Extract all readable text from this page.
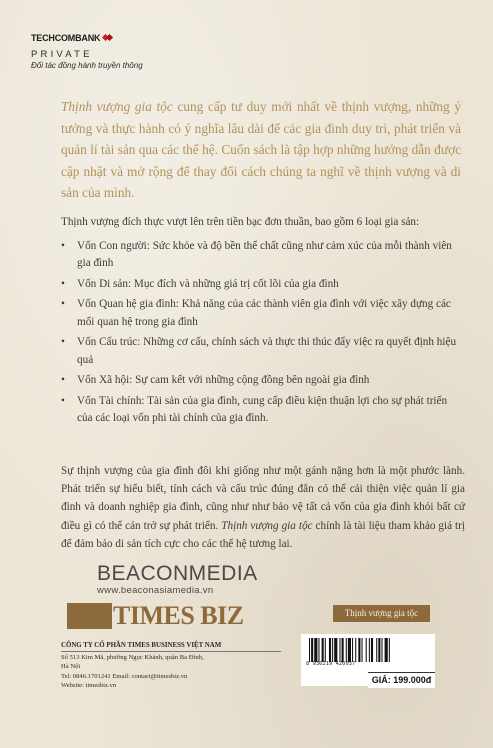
TECHCOMBANK
PRIVATE
Đối tác đồng hành truyền thông
Thịnh vượng gia tộc cung cấp tư duy mới nhất về thịnh vượng, những ý tưởng và thực hành có ý nghĩa lâu dài để các gia đình duy trì, phát triển và quản lí tài sản qua các thế hệ. Cuốn sách là tập hợp những hướng dẫn được cập nhật và mở rộng để thay đổi cách chúng ta nghĩ về thịnh vượng và di sản của mình.

Thịnh vượng đích thực vượt lên trên tiền bạc đơn thuần, bao gồm 6 loại gia sản:

• Vốn Con người: Sức khỏe và độ bền thể chất cũng như cảm xúc của mỗi thành viên gia đình
• Vốn Di sản: Mục đích và những giá trị cốt lõi của gia đình
• Vốn Quan hệ gia đình: Khả năng của các thành viên gia đình với việc xây dựng các mối quan hệ trong gia đình
• Vốn Cấu trúc: Những cơ cấu, chính sách và thực thi thúc đẩy việc ra quyết định hiệu quả
• Vốn Xã hội: Sự cam kết với những cộng đồng bên ngoài gia đình
• Vốn Tài chính: Tài sản của gia đình, cung cấp điều kiện thuận lợi cho sự phát triển của các loại vốn phi tài chính của gia đình.
Sự thịnh vượng của gia đình đôi khi giống như một gánh nặng hơn là một phước lành. Phát triển sự hiểu biết, tính cách và cấu trúc đúng đắn có thể cải thiện việc quản lí gia đình và doanh nghiệp gia đình, cũng như như bảo vệ tất cả vốn của gia đình khỏi bất cứ điều gì có thể cản trở sự phát triển. Thịnh vượng gia tộc chính là tài liệu tham khảo giá trị để đảm bảo di sản tích cực cho các thế hệ tương lai.
BEACONMEDIA
www.beaconasiamedia.vn
TIMES BIZ	Thịnh vượng gia tộc
CÔNG TY CỔ PHẦN TIMES BUSINESS VIỆT NAM
Số 513 Kim Mã, phường Ngọc Khánh, quận Ba Đình,
Hà Nội
Tel: 0846.1701241 Email: contact@timesbiz.vn
Website: timesbiz.vn
8 936219 420037
GIÁ: 199.000đ
